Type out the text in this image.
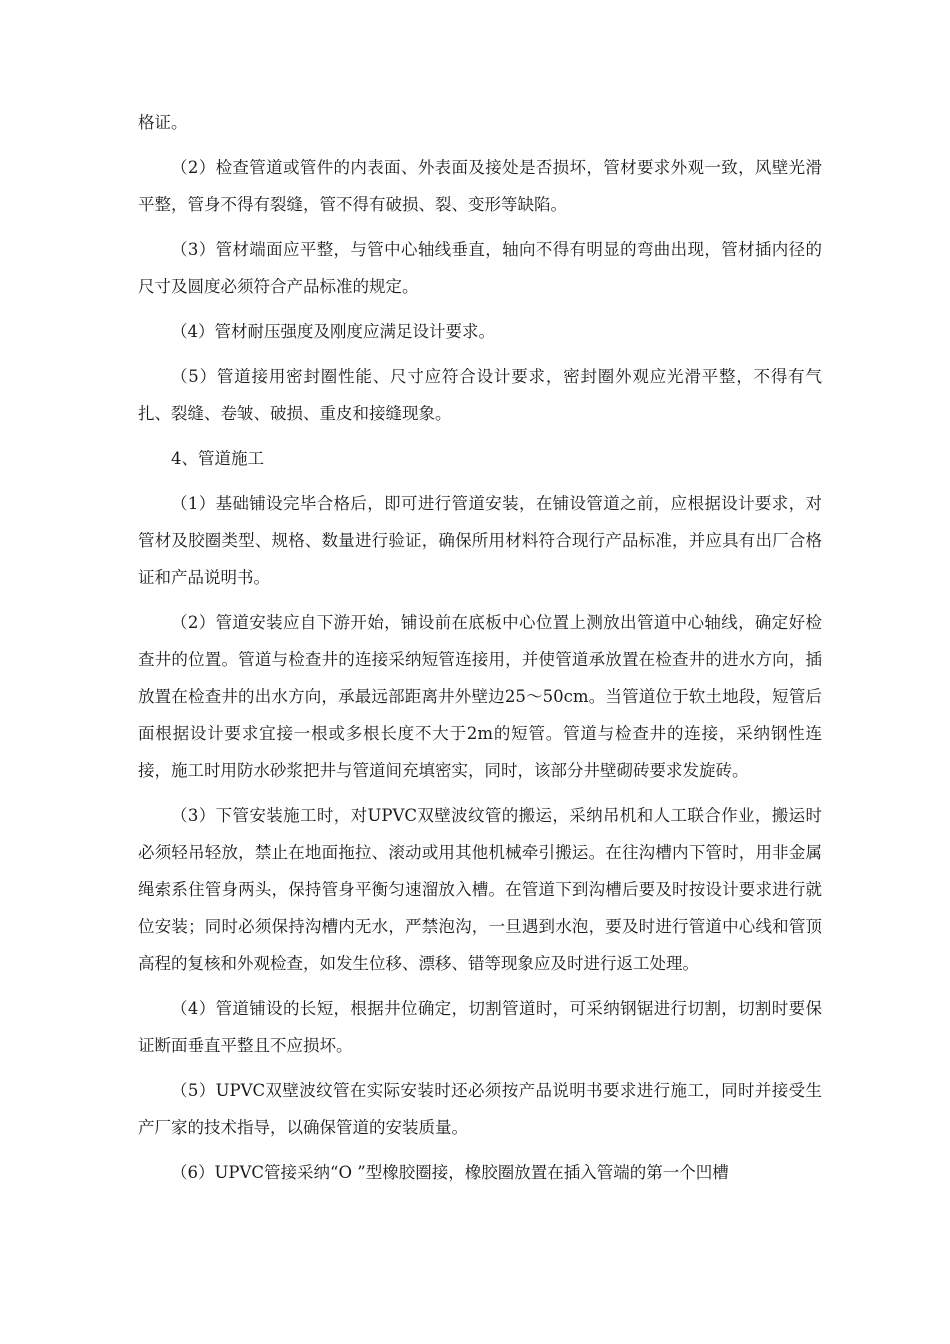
格证。

（2）检查管道或管件的内表面、外表面及接处是否损坏，管材要求外观一致，风壁光滑平整，管身不得有裂缝，管不得有破损、裂、变形等缺陷。

（3）管材端面应平整，与管中心轴线垂直，轴向不得有明显的弯曲出现，管材插内径的尺寸及圆度必须符合产品标准的规定。

（4）管材耐压强度及刚度应满足设计要求。

（5）管道接用密封圈性能、尺寸应符合设计要求，密封圈外观应光滑平整，不得有气扎、裂缝、卷皱、破损、重皮和接缝现象。

4、管道施工

（1）基础铺设完毕合格后，即可进行管道安装，在铺设管道之前，应根据设计要求，对管材及胶圈类型、规格、数量进行验证，确保所用材料符合现行产品标准，并应具有出厂合格证和产品说明书。

（2）管道安装应自下游开始，铺设前在底板中心位置上测放出管道中心轴线，确定好检查井的位置。管道与检查井的连接采纳短管连接用，并使管道承放置在检查井的进水方向，插放置在检查井的出水方向，承最远部距离井外壁边25〜50cm。当管道位于软土地段，短管后面根据设计要求宜接一根或多根长度不大于2m的短管。管道与检查井的连接，采纳钢性连接，施工时用防水砂浆把井与管道间充填密实，同时，该部分井壁砌砖要求发旋砖。

（3）下管安装施工时，对UPVC双壁波纹管的搬运，采纳吊机和人工联合作业，搬运时必须轻吊轻放，禁止在地面拖拉、滚动或用其他机械牵引搬运。在往沟槽内下管时，用非金属绳索系住管身两头，保持管身平衡匀速溜放入槽。在管道下到沟槽后要及时按设计要求进行就位安装；同时必须保持沟槽内无水，严禁泡沟，一旦遇到水泡，要及时进行管道中心线和管顶高程的复核和外观检查，如发生位移、漂移、错等现象应及时进行返工处理。

（4）管道铺设的长短，根据井位确定，切割管道时，可采纳钢锯进行切割，切割时要保证断面垂直平整且不应损坏。

（5）UPVC双壁波纹管在实际安装时还必须按产品说明书要求进行施工，同时并接受生产厂家的技术指导，以确保管道的安装质量。

（6）UPVC管接采纳“O ”型橡胶圈接，橡胶圈放置在插入管端的第一个凹槽
